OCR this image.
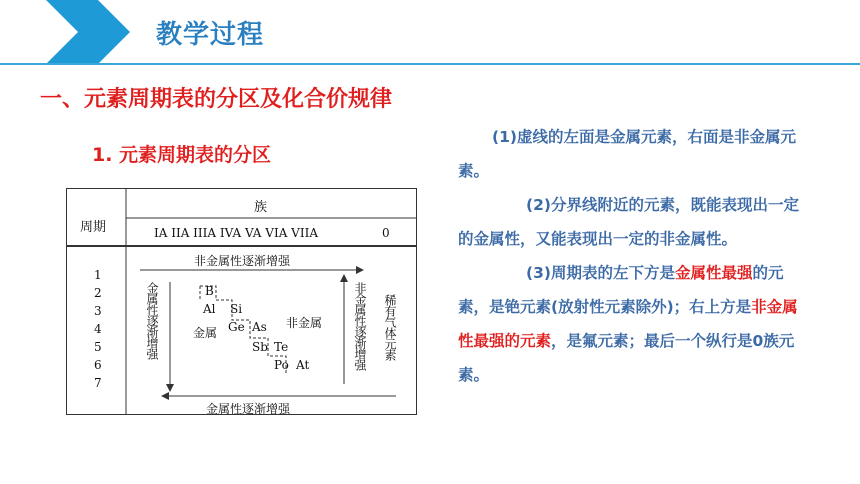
教学过程
一、元素周期表的分区及化合价规律
1. 元素周期表的分区
周期
族
IA IIA IIIA IVA VA VIA VIIA	0
1
2
3
4
5
6
7
非金属性逐渐增强
金属性逐渐增强
金属性逐渐增强	非金属性逐渐增强 稀有气体元素
金属
非金属
B
Al Si
Ge As
Sb Te
Po At
(1)虚线的左面是金属元素，右面是非金属元素。
(2)分界线附近的元素，既能表现出一定的金属性，又能表现出一定的非金属性。
(3)周期表的左下方是金属性最强的元素，是铯元素(放射性元素除外)；右上方是非金属性最强的元素，是氟元素；最后一个纵行是0族元素。
